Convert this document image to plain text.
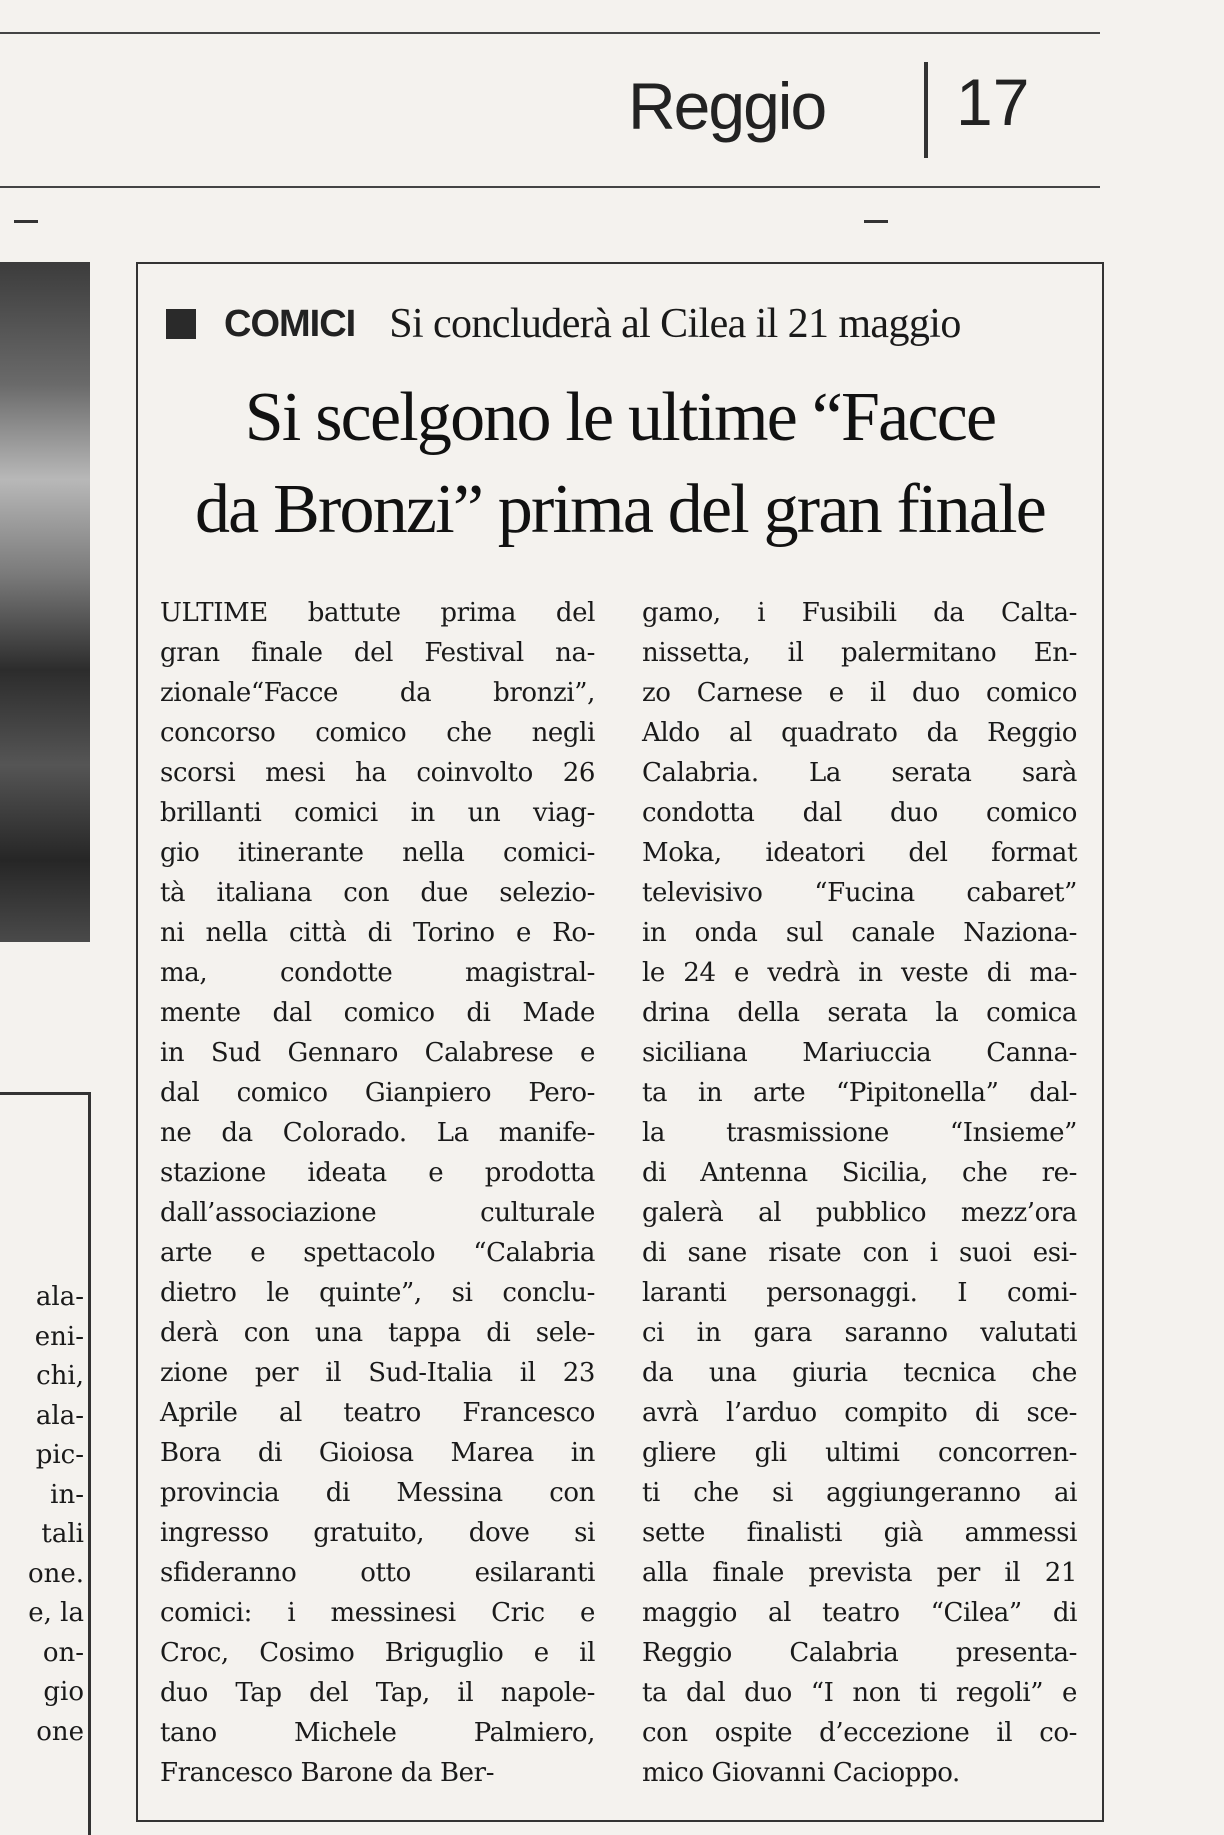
Reggio 17
ala-
eni-
chi,
ala-
pic-
in-
tali
one.
e, la
on-
gio
one
COMICI Si concluderà al Cilea il 21 maggio
Si scelgono le ultime “Facce
da Bronzi” prima del gran finale
ULTIME battute prima del
gran finale del Festival na-
zionale“Facce da bronzi”,
concorso comico che negli
scorsi mesi ha coinvolto 26
brillanti comici in un viag-
gio itinerante nella comici-
tà italiana con due selezio-
ni nella città di Torino e Ro-
ma, condotte magistral-
mente dal comico di Made
in Sud Gennaro Calabrese e
dal comico Gianpiero Pero-
ne da Colorado. La manife-
stazione ideata e prodotta
dall’associazione culturale
arte e spettacolo “Calabria
dietro le quinte”, si conclu-
derà con una tappa di sele-
zione per il Sud-Italia il 23
Aprile al teatro Francesco
Bora di Gioiosa Marea in
provincia di Messina con
ingresso gratuito, dove si
sfideranno otto esilaranti
comici: i messinesi Cric e
Croc, Cosimo Briguglio e il
duo Tap del Tap, il napole-
tano Michele Palmiero,
Francesco Barone da Ber-
gamo, i Fusibili da Calta-
nissetta, il palermitano En-
zo Carnese e il duo comico
Aldo al quadrato da Reggio
Calabria. La serata sarà
condotta dal duo comico
Moka, ideatori del format
televisivo “Fucina cabaret”
in onda sul canale Naziona-
le 24 e vedrà in veste di ma-
drina della serata la comica
siciliana Mariuccia Canna-
ta in arte “Pipitonella” dal-
la trasmissione “Insieme”
di Antenna Sicilia, che re-
galerà al pubblico mezz’ora
di sane risate con i suoi esi-
laranti personaggi. I comi-
ci in gara saranno valutati
da una giuria tecnica che
avrà l’arduo compito di sce-
gliere gli ultimi concorren-
ti che si aggiungeranno ai
sette finalisti già ammessi
alla finale prevista per il 21
maggio al teatro “Cilea” di
Reggio Calabria presenta-
ta dal duo “I non ti regoli” e
con ospite d’eccezione il co-
mico Giovanni Cacioppo.
